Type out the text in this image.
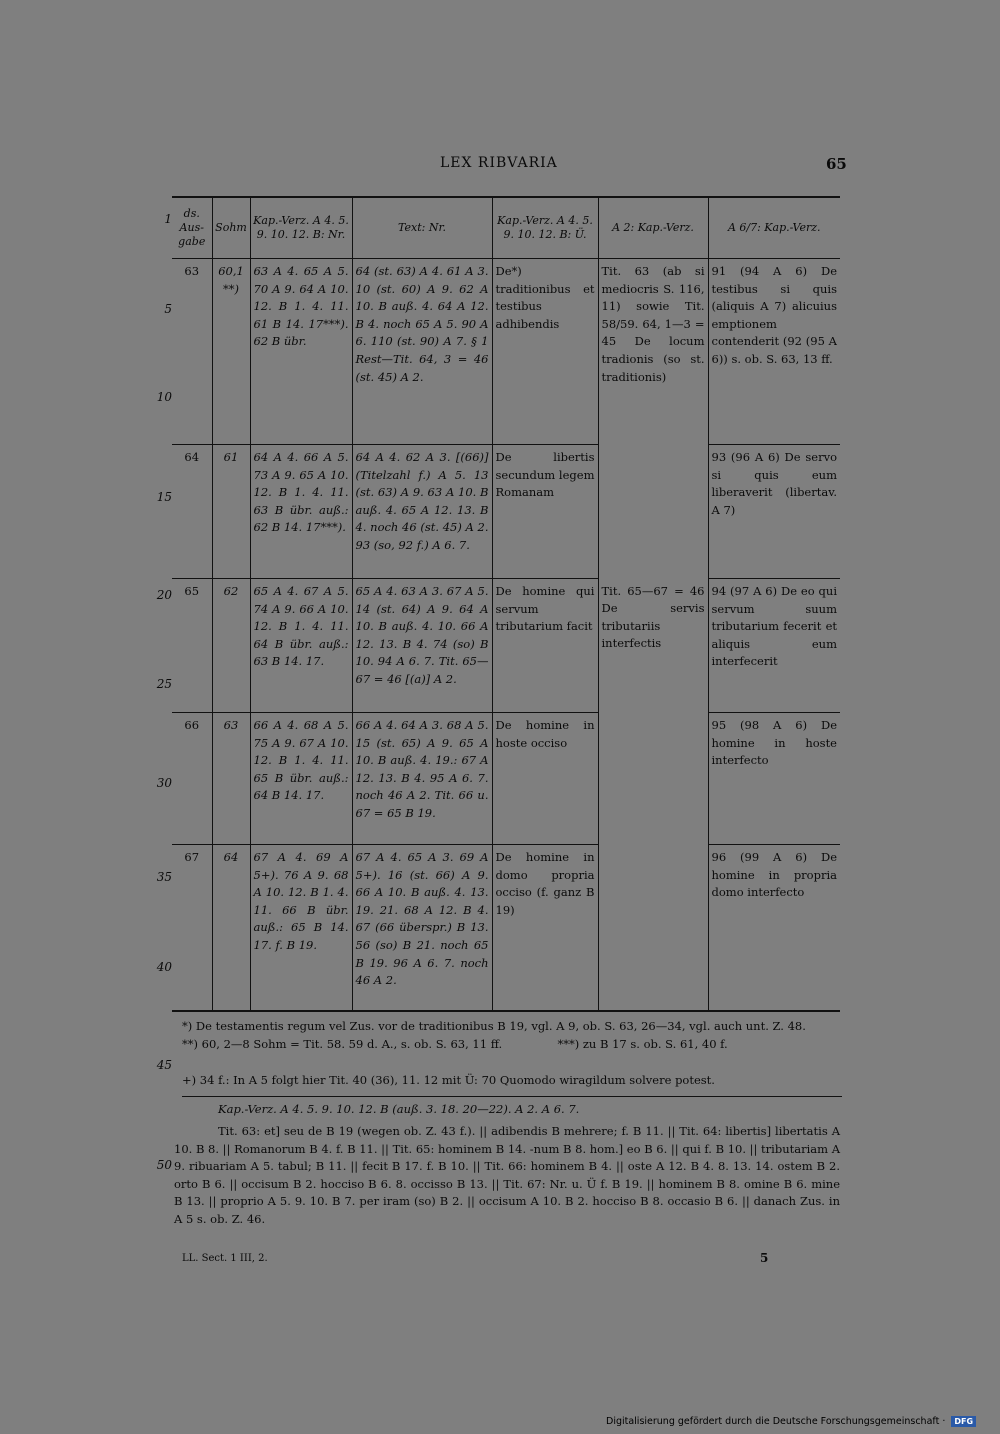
LEX RIBVARIA	65
1
5
10
15
20
25
30
35
40
45
50
ds. Aus-gabe	Sohm	Kap.-Verz. A 4. 5. 9. 10. 12. B: Nr.	Text: Nr.	Kap.-Verz. A 4. 5. 9. 10. 12. B: Ü.	A 2: Kap.-Verz.	A 6/7: Kap.-Verz.
63	60,1 **)	63 A 4. 65 A 5. 70 A 9. 64 A 10. 12. B 1. 4. 11. 61 B 14. 17***). 62 B übr.	64 (st. 63) A 4. 61 A 3. 10 (st. 60) A 9. 62 A 10. B auß. 4. 64 A 12. B 4. noch 65 A 5. 90 A 6. 110 (st. 90) A 7. § 1 Rest—Tit. 64, 3 = 46 (st. 45) A 2.	De*) traditionibus et testibus adhibendis	Tit. 63 (ab si mediocris S. 116, 11) sowie Tit. 58/59. 64, 1—3 = 45 De locum tradionis (so st. traditionis)	91 (94 A 6) De testibus si quis (aliquis A 7) alicuius emptionem contenderit (92 (95 A 6)) s. ob. S. 63, 13 ff.
64	61	64 A 4. 66 A 5. 73 A 9. 65 A 10. 12. B 1. 4. 11. 63 B übr. auß.: 62 B 14. 17***).	64 A 4. 62 A 3. [(66)] (Titelzahl f.) A 5. 13 (st. 63) A 9. 63 A 10. B auß. 4. 65 A 12. 13. B 4. noch 46 (st. 45) A 2. 93 (so, 92 f.) A 6. 7.	De libertis secundum legem Romanam		93 (96 A 6) De servo si quis eum liberaverit (libertav. A 7)
65	62	65 A 4. 67 A 5. 74 A 9. 66 A 10. 12. B 1. 4. 11. 64 B übr. auß.: 63 B 14. 17.	65 A 4. 63 A 3. 67 A 5. 14 (st. 64) A 9. 64 A 10. B auß. 4. 10. 66 A 12. 13. B 4. 74 (so) B 10. 94 A 6. 7. Tit. 65—67 = 46 [(a)] A 2.	De homine qui servum tributarium facit	Tit. 65—67 = 46 De servis tributariis interfectis	94 (97 A 6) De eo qui servum suum tributarium fecerit et aliquis eum interfecerit
66	63	66 A 4. 68 A 5. 75 A 9. 67 A 10. 12. B 1. 4. 11. 65 B übr. auß.: 64 B 14. 17.	66 A 4. 64 A 3. 68 A 5. 15 (st. 65) A 9. 65 A 10. B auß. 4. 19.: 67 A 12. 13. B 4. 95 A 6. 7. noch 46 A 2. Tit. 66 u. 67 = 65 B 19.	De homine in hoste occiso		95 (98 A 6) De homine in hoste interfecto
67	64	67 A 4. 69 A 5+). 76 A 9. 68 A 10. 12. B 1. 4. 11. 66 B übr. auß.: 65 B 14. 17. f. B 19.	67 A 4. 65 A 3. 69 A 5+). 16 (st. 66) A 9. 66 A 10. B auß. 4. 13. 19. 21. 68 A 12. B 4. 67 (66 überspr.) B 13. 56 (so) B 21. noch 65 B 19. 96 A 6. 7. noch 46 A 2.	De homine in domo propria occiso (f. ganz B 19)		96 (99 A 6) De homine in propria domo interfecto

*) De testamentis regum vel Zus. vor de traditionibus B 19, vgl. A 9, ob. S. 63, 26—34, vgl. auch unt. Z. 48.

**) 60, 2—8 Sohm = Tit. 58. 59 d. A., s. ob. S. 63, 11 ff.	***) zu B 17 s. ob. S. 61, 40 f.

+) 34 f.: In A 5 folgt hier Tit. 40 (36), 11. 12 mit Ü: 70 Quomodo wiragildum solvere potest.
Kap.-Verz. A 4. 5. 9. 10. 12. B (auß. 3. 18. 20—22). A 2. A 6. 7.
Tit. 63: et] seu de B 19 (wegen ob. Z. 43 f.). || adibendis B mehrere; f. B 11. || Tit. 64: libertis] libertatis A 10. B 8. || Romanorum B 4. f. B 11. || Tit. 65: hominem B 14. -num B 8. hom.] eo B 6. || qui f. B 10. || tributariam A 9. ribuariam A 5. tabul; B 11. || fecit B 17. f. B 10. || Tit. 66: hominem B 4. || oste A 12. B 4. 8. 13. 14. ostem B 2. orto B 6. || occisum B 2. hocciso B 6. 8. occisso B 13. || Tit. 67: Nr. u. Ü f. B 19. || hominem B 8. omine B 6. mine B 13. || proprio A 5. 9. 10. B 7. per iram (so) B 2. || occisum A 10. B 2. hocciso B 8. occasio B 6. || danach Zus. in A 5 s. ob. Z. 46.
LL. Sect. 1 III, 2.	5
Digitalisierung gefördert durch die Deutsche Forschungsgemeinschaft · DFG
